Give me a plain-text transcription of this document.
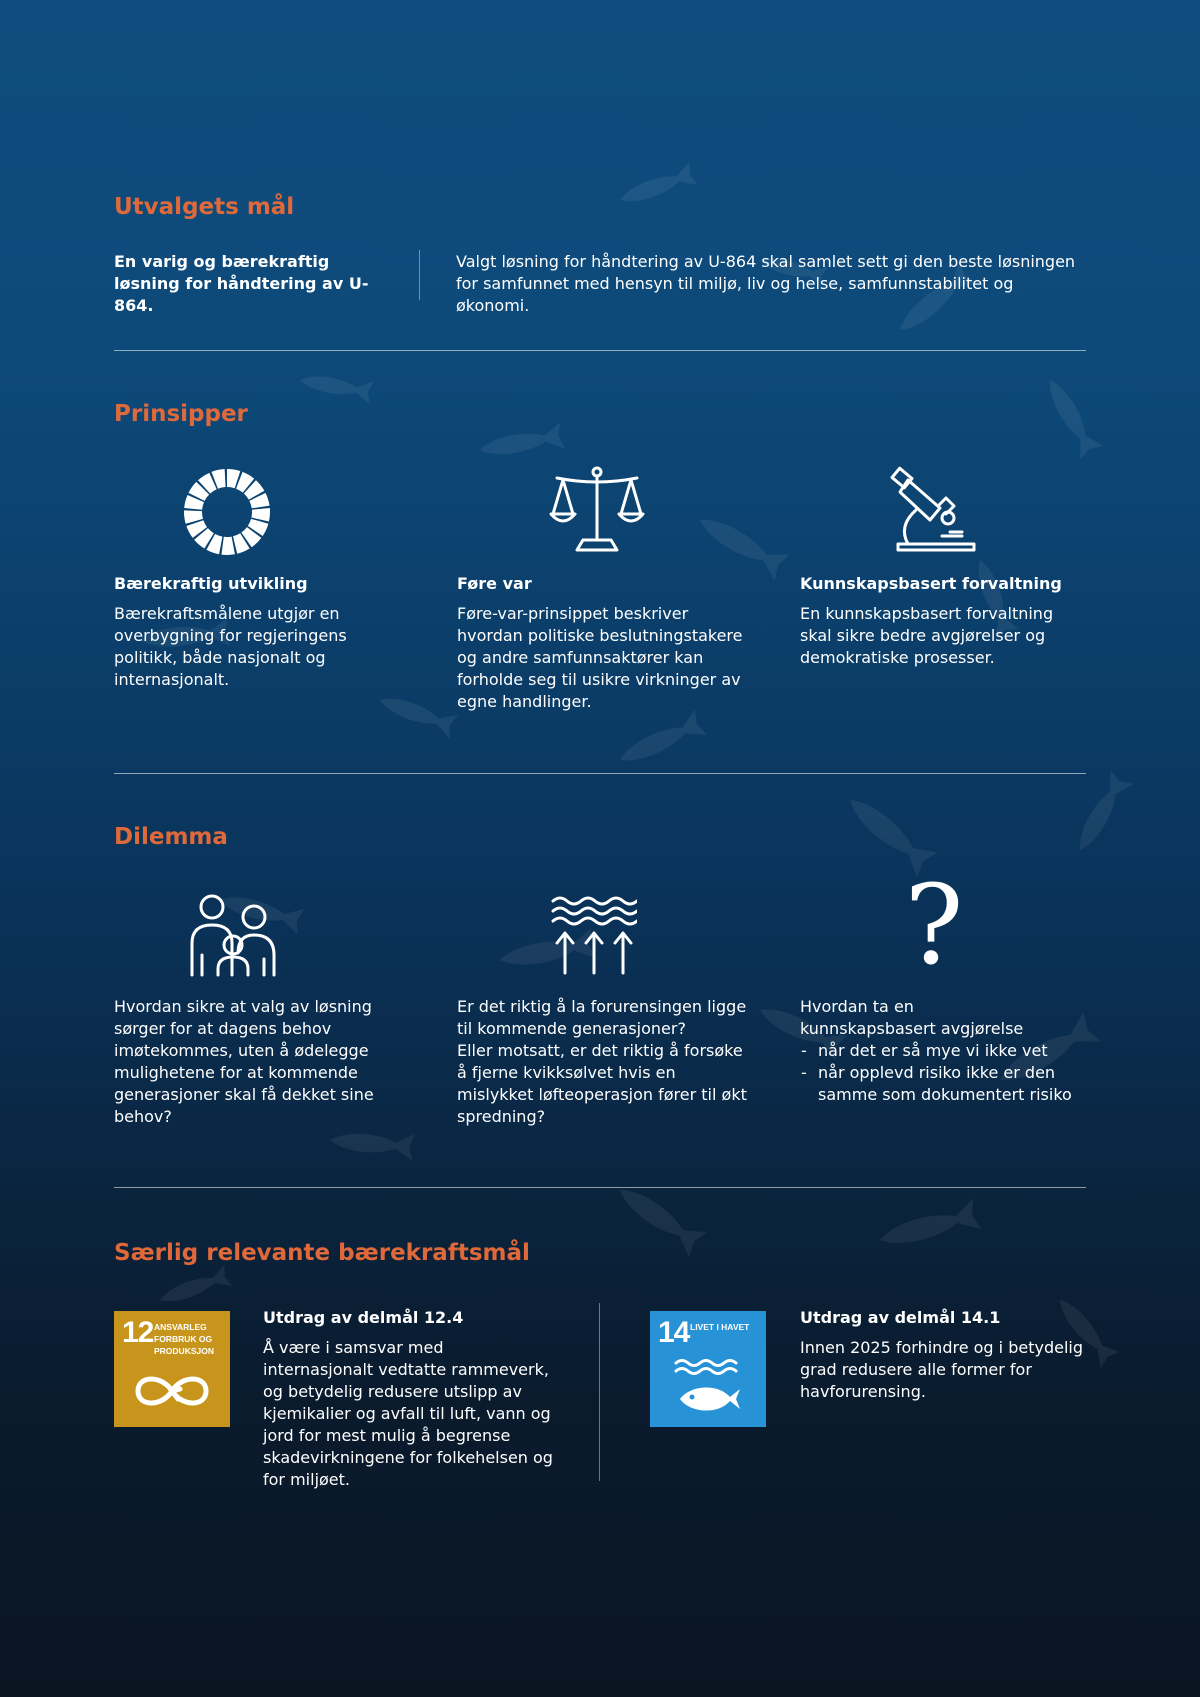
Utvalgets mål
En varig og bærekraftig løsning for håndtering av U-864.
Valgt løsning for håndtering av U-864 skal samlet sett gi den beste løsningen for samfunnet med hensyn til miljø, liv og helse, samfunnstabilitet og økonomi.
Prinsipper
Bærekraftig utvikling
Bærekraftsmålene utgjør en overbygning for regjeringens politikk, både nasjonalt og internasjonalt.
Føre var
Føre-var-prinsippet beskriver hvordan politiske beslutningstakere og andre samfunnsaktører kan forholde seg til usikre virkninger av egne handlinger.
Kunnskapsbasert forvaltning
En kunnskapsbasert forvaltning skal sikre bedre avgjørelser og demokratiske prosesser.
Dilemma
?
Hvordan sikre at valg av løsning sørger for at dagens behov imøtekommes, uten å ødelegge mulighetene for at kommende generasjoner skal få dekket sine behov?
Er det riktig å la forurensingen ligge til kommende generasjoner?
Eller motsatt, er det riktig å forsøke å fjerne kvikksølvet hvis en mislykket løfteoperasjon fører til økt spredning?
Hvordan ta en kunnskapsbasert avgjørelse
- når det er så mye vi ikke vet
- når opplevd risiko ikke er den samme som dokumentert risiko
Særlig relevante bærekraftsmål
12 ANSVARLEG FORBRUK OG PRODUKSJON
Utdrag av delmål 12.4
Å være i samsvar med internasjonalt vedtatte rammeverk, og betydelig redusere utslipp av kjemikalier og avfall til luft, vann og jord for mest mulig å begrense skadevirkningene for folkehelsen og for miljøet.
14 LIVET I HAVET	Utdrag av delmål 14.1
Innen 2025 forhindre og i betydelig grad redusere alle former for havforurensing.
